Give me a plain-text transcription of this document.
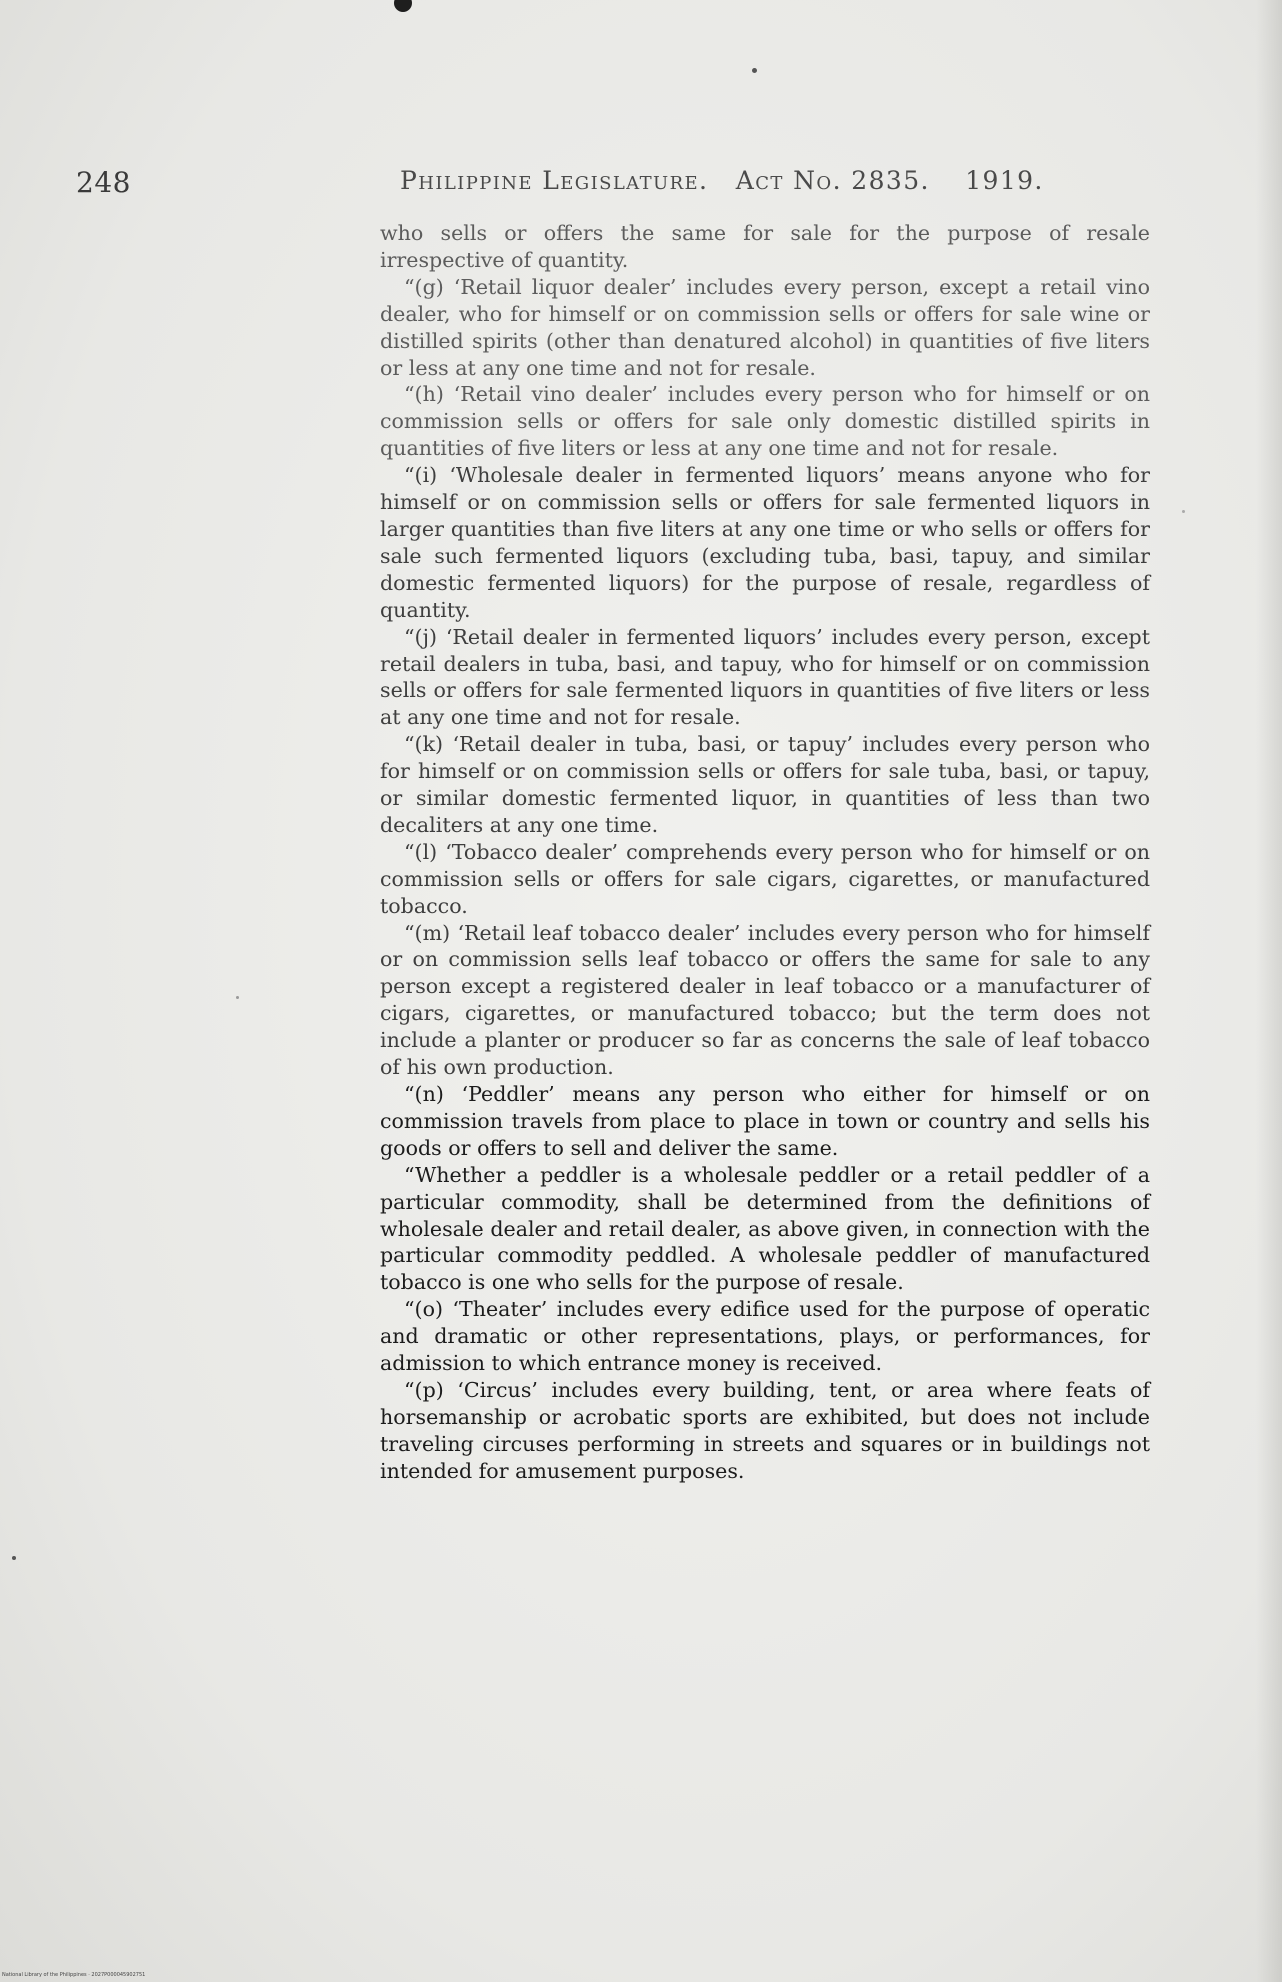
248	Philippine Legislature. Act No. 2835. 1919.

who sells or offers the same for sale for the purpose of resale irrespective of quantity.

“(g) ‘Retail liquor dealer’ includes every person, except a retail vino dealer, who for himself or on commission sells or offers for sale wine or distilled spirits (other than denatured alcohol) in quantities of five liters or less at any one time and not for resale.

“(h) ‘Retail vino dealer’ includes every person who for himself or on commission sells or offers for sale only domestic distilled spirits in quantities of five liters or less at any one time and not for resale.

“(i) ‘Wholesale dealer in fermented liquors’ means anyone who for himself or on commission sells or offers for sale fermented liquors in larger quantities than five liters at any one time or who sells or offers for sale such fermented liquors (excluding tuba, basi, tapuy, and similar domestic fermented liquors) for the purpose of resale, regardless of quantity.

“(j) ‘Retail dealer in fermented liquors’ includes every person, except retail dealers in tuba, basi, and tapuy, who for himself or on commission sells or offers for sale fermented liquors in quantities of five liters or less at any one time and not for resale.

“(k) ‘Retail dealer in tuba, basi, or tapuy’ includes every person who for himself or on commission sells or offers for sale tuba, basi, or tapuy, or similar domestic fermented liquor, in quantities of less than two decaliters at any one time.

“(l) ‘Tobacco dealer’ comprehends every person who for himself or on commission sells or offers for sale cigars, cigarettes, or manufactured tobacco.

“(m) ‘Retail leaf tobacco dealer’ includes every person who for himself or on commission sells leaf tobacco or offers the same for sale to any person except a registered dealer in leaf tobacco or a manufacturer of cigars, cigarettes, or manufactured tobacco; but the term does not include a planter or producer so far as concerns the sale of leaf tobacco of his own production.

“(n) ‘Peddler’ means any person who either for himself or on commission travels from place to place in town or country and sells his goods or offers to sell and deliver the same.

“Whether a peddler is a wholesale peddler or a retail peddler of a particular commodity, shall be determined from the definitions of wholesale dealer and retail dealer, as above given, in connection with the particular commodity peddled. A wholesale peddler of manufactured tobacco is one who sells for the purpose of resale.

“(o) ‘Theater’ includes every edifice used for the purpose of operatic and dramatic or other representations, plays, or performances, for admission to which entrance money is received.

“(p) ‘Circus’ includes every building, tent, or area where feats of horsemanship or acrobatic sports are exhibited, but does not include traveling circuses performing in streets and squares or in buildings not intended for amusement purposes.

National Library of the Philippines · 2027P000045902751
